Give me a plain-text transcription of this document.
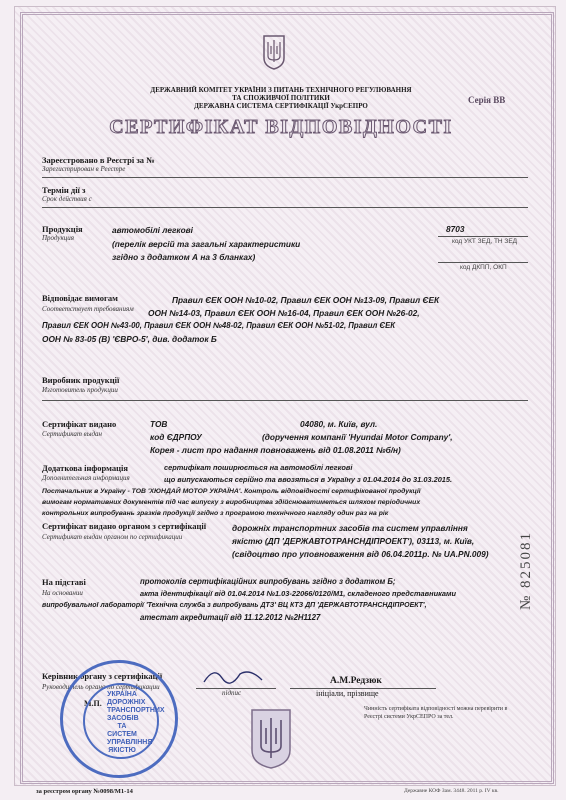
ДЕРЖАВНИЙ КОМІТЕТ УКРАЇНИ З ПИТАНЬ ТЕХНІЧНОГО РЕГУЛЮВАННЯ
ТА СПОЖИВЧОЇ ПОЛІТИКИ
ДЕРЖАВНА СИСТЕМА СЕРТИФІКАЦІЇ УкрСЕПРО
Серія ВВ
СЕРТИФІКАТ ВІДПОВІДНОСТІ
Зареєстровано в Реєстрі за №
Зарегистрирован в Реестре
Термін дії з
Срок действия с
Продукція
Продукция
автомобілі легкові
(перелік версій та загальні характеристики
згідно з додатком А на 3 бланках)
8703
код УКТ ЗЕД, ТН ЗЕД
код ДКПП, ОКП
Відповідає вимогам
Соответствует требованиям
Правил ЄЕК ООН №10-02, Правил ЄЕК ООН №13-09, Правил ЄЕК
ООН №14-03, Правил ЄЕК ООН №16-04, Правил ЄЕК ООН №26-02,
Правил ЄЕК ООН №43-00, Правил ЄЕК ООН №48-02, Правил ЄЕК ООН №51-02, Правил ЄЕК
ООН № 83-05 (В) 'ЄВРО-5', див. додаток Б
Виробник продукції
Изготовитель продукции
Сертифікат видано
Сертификат выдан
ТОВ	04080, м. Київ, вул.
код ЄДРПОУ	(доручення компанії 'Hyundai Motor Company',
Корея - лист про надання повноважень від 01.08.2011 №б/н)
Додаткова інформація
Дополнительная информация
сертифікат поширюється на автомобілі легкові
що випускаються серійно та ввозяться в Україну з 01.04.2014 до 31.03.2015.
Постачальник в Україну - ТОВ 'ХЮНДАЙ МОТОР УКРАЇНА'. Контроль відповідності сертифікованої продукції
вимогам нормативних документів під час випуску з виробництва здійснюватиметься шляхом періодичних
контрольних випробувань зразків продукції згідно з програмою технічного нагляду один раз на рік
Сертифікат видано органом з сертифікації
Сертификат выдан органом по сертификации
дорожніх транспортних засобів та систем управління
якістю (ДП 'ДЕРЖАВТОТРАНСНДІПРОЕКТ'), 03113, м. Київ,
(свідоцтво про уповноваження від 06.04.2011р. № UA.PN.009)
На підставі
На основании
протоколів сертифікаційних випробувань згідно з додатком Б;
акта ідентифікації від 01.04.2014 №1.03-22066/0120/М1, складеного представниками
випробувальної лабораторії 'Технічна служба з випробувань ДТЗ' ВЦ КТЗ ДП 'ДЕРЖАВТОТРАНСНДІПРОЕКТ',
атестат акредитації від 11.12.2012 №2Н1127
Керівник органу з сертифікації
Руководитель органа по сертификации
М.П.
підпис
А.М.Редзюк
ініціали, прізвище
УКРАЇНА ДОРОЖНІХ ТРАНСПОРТНИХ ЗАСОБІВ ТА СИСТЕМ УПРАВЛІННЯ ЯКІСТЮ
№ 825081
Чинність сертифіката відповідності можна перевірити в Реєстрі системи УкрСЕПРО за тел.
за реєстром органу №0098/М1-14	Державне КОФ Зам. 3448. 2011 р. IV кв.
